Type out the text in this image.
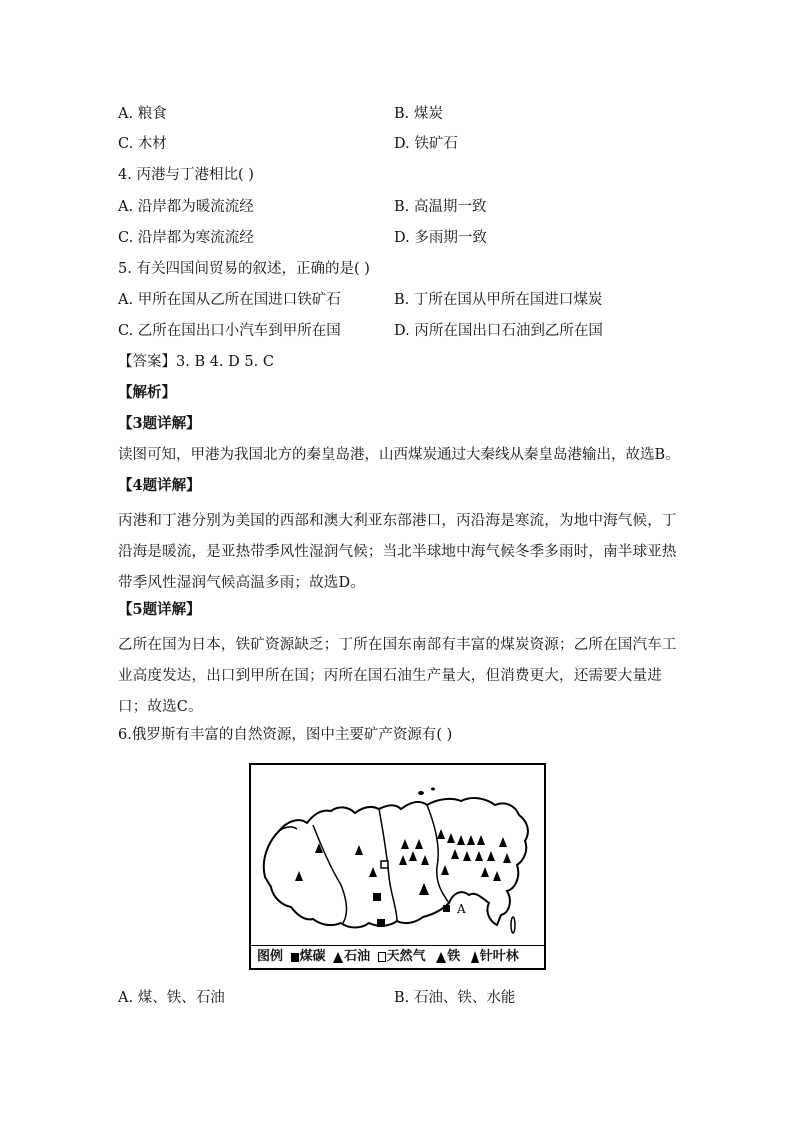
A. 粮食	B. 煤炭
C. 木材	D. 铁矿石
4. 丙港与丁港相比( )
A. 沿岸都为暖流流经	B. 高温期一致
C. 沿岸都为寒流流经	D. 多雨期一致
5. 有关四国间贸易的叙述，正确的是( )
A. 甲所在国从乙所在国进口铁矿石	B. 丁所在国从甲所在国进口煤炭
C. 乙所在国出口小汽车到甲所在国	D. 丙所在国出口石油到乙所在国
【答案】3. B 4. D 5. C
【解析】
【3题详解】
读图可知，甲港为我国北方的秦皇岛港，山西煤炭通过大秦线从秦皇岛港输出，故选B。
【4题详解】
丙港和丁港分别为美国的西部和澳大利亚东部港口，丙沿海是寒流，为地中海气候，丁沿海是暖流，是亚热带季风性湿润气候；当北半球地中海气候冬季多雨时，南半球亚热带季风性湿润气候高温多雨；故选D。
【5题详解】
乙所在国为日本，铁矿资源缺乏；丁所在国东南部有丰富的煤炭资源；乙所在国汽车工业高度发达，出口到甲所在国；丙所在国石油生产量大，但消费更大，还需要大量进口；故选C。
6.俄罗斯有丰富的自然资源，图中主要矿产资源有( )
A
图例 煤碳 石油 天然气 铁 针叶林
A. 煤、铁、石油	B. 石油、铁、水能
